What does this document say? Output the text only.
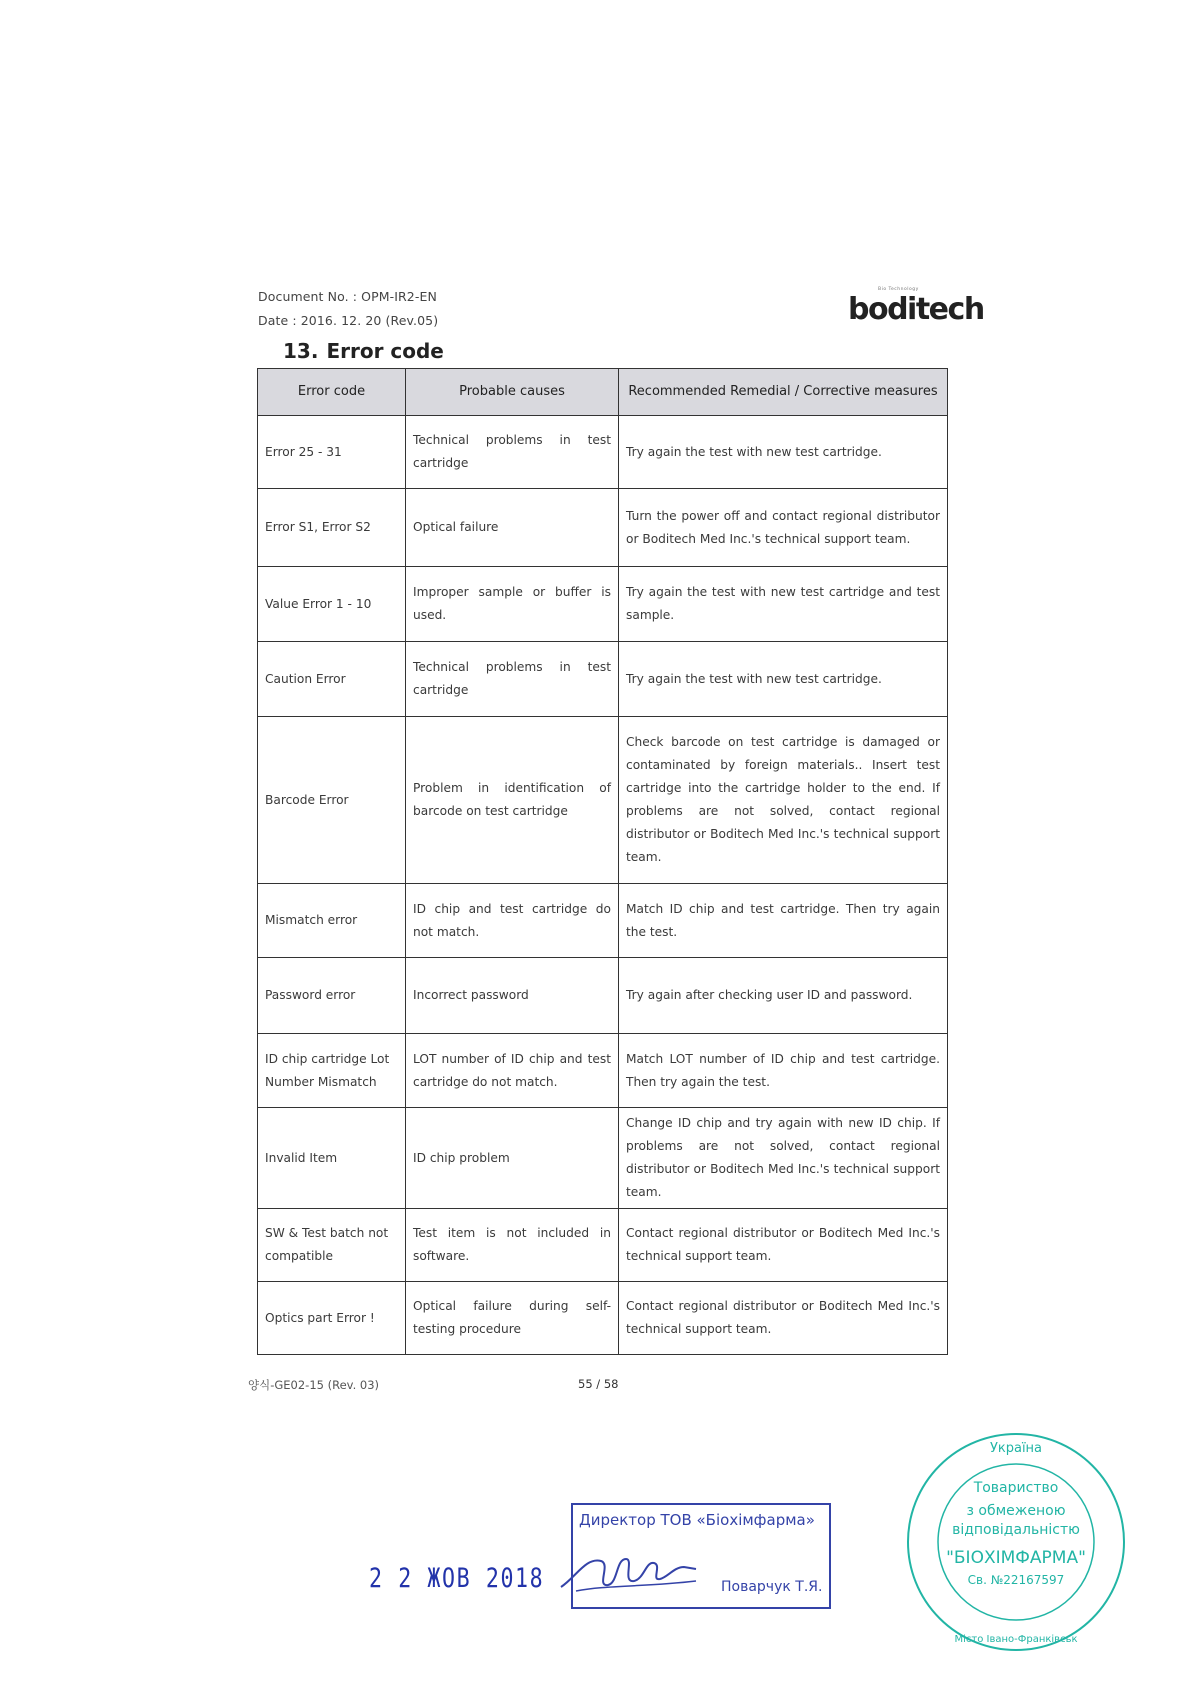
Document No. : OPM-IR2-EN
Date : 2016. 12. 20 (Rev.05)
Bio Technology
boditech
13. Error code
Error code	Probable causes	Recommended Remedial / Corrective measures
Error 25 - 31	Technical problems in test cartridge	Try again the test with new test cartridge.
Error S1, Error S2	Optical failure	Turn the power off and contact regional distributor or Boditech Med Inc.'s technical support team.
Value Error 1 - 10	Improper sample or buffer is used.	Try again the test with new test cartridge and test sample.
Caution Error	Technical problems in test cartridge	Try again the test with new test cartridge.
Barcode Error	Problem in identification of barcode on test cartridge	Check barcode on test cartridge is damaged or contaminated by foreign materials.. Insert test cartridge into the cartridge holder to the end. If problems are not solved, contact regional distributor or Boditech Med Inc.'s technical support team.
Mismatch error	ID chip and test cartridge do not match.	Match ID chip and test cartridge. Then try again the test.
Password error	Incorrect password	Try again after checking user ID and password.
ID chip cartridge Lot Number Mismatch	LOT number of ID chip and test cartridge do not match.	Match LOT number of ID chip and test cartridge. Then try again the test.
Invalid Item	ID chip problem	Change ID chip and try again with new ID chip. If problems are not solved, contact regional distributor or Boditech Med Inc.'s technical support team.
SW & Test batch not compatible	Test item is not included in software.	Contact regional distributor or Boditech Med Inc.'s technical support team.
Optics part Error !	Optical failure during self-testing procedure	Contact regional distributor or Boditech Med Inc.'s technical support team.
양식-GE02-15 (Rev. 03)	55 / 58
2 2 ЖОВ 2018
Директор ТОВ «Біохімфарма»
Поварчук Т.Я.
Україна
Місто Івано-Франківськ
Товариство
з обмеженою
відповідальністю
"БІОХІМФАРМА"
Св. №22167597
